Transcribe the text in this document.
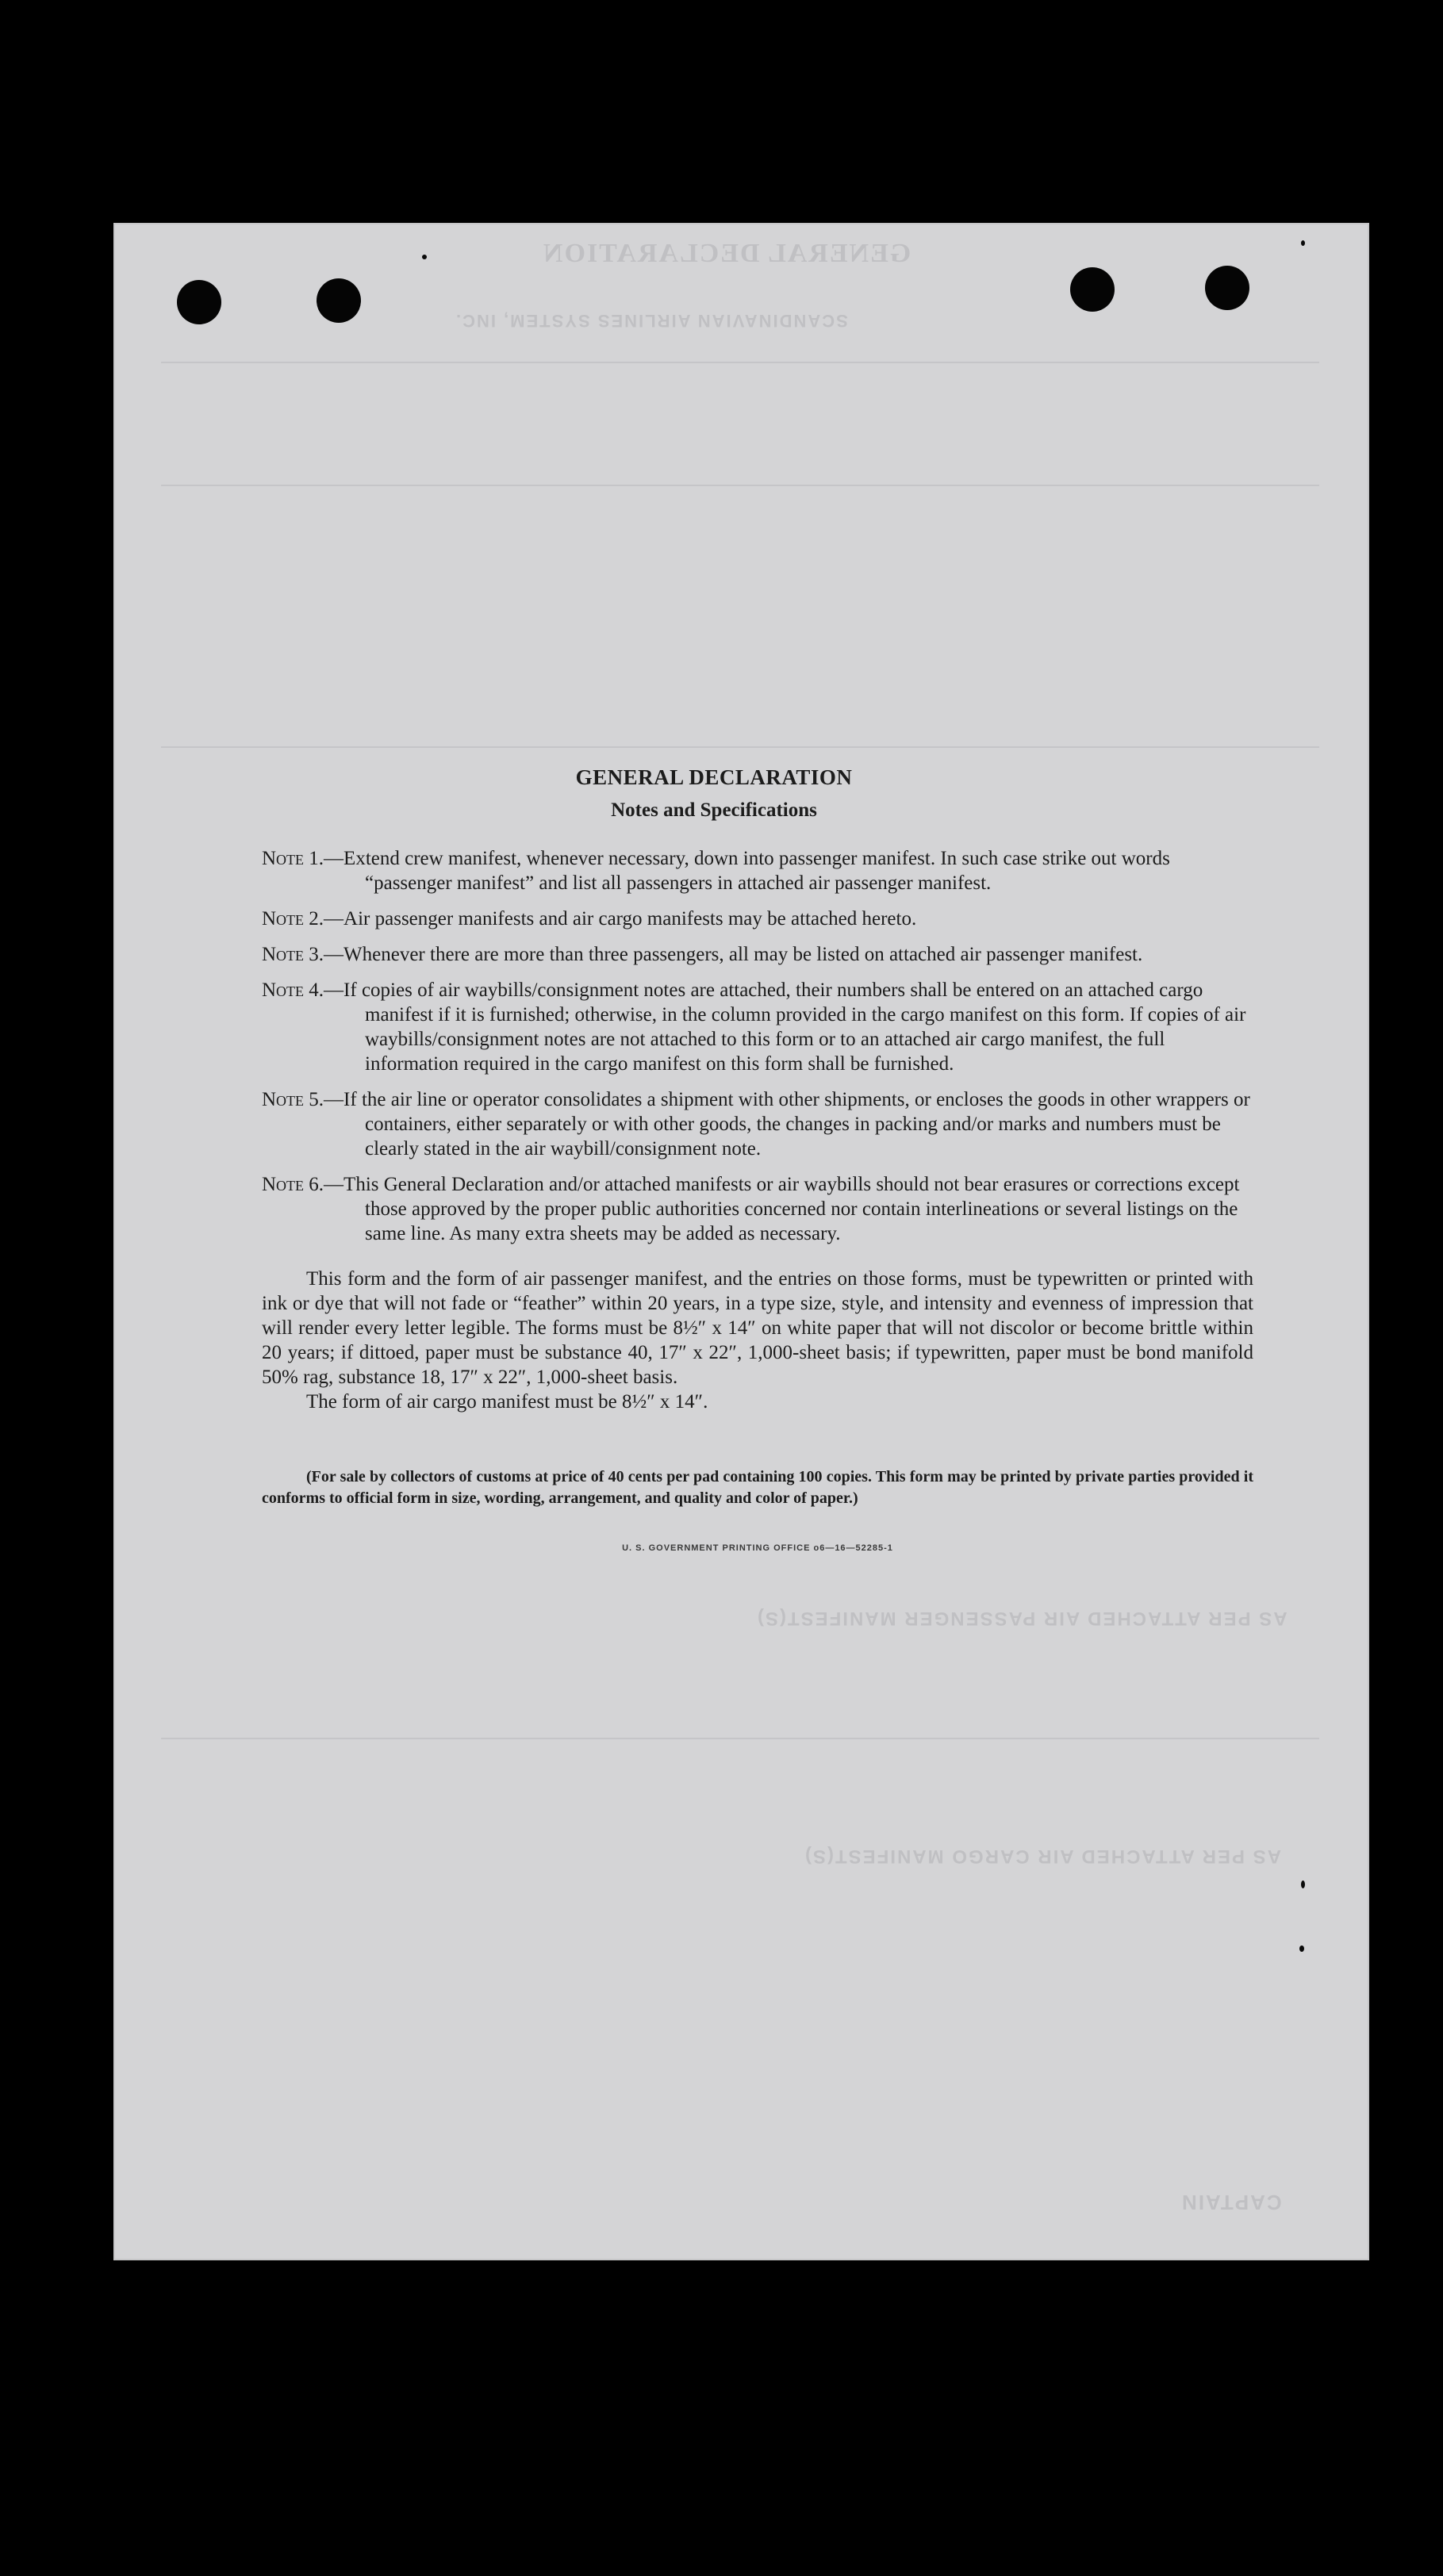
GENERAL DECLARATION
SCANDINAVIAN AIRLINES SYSTEM, INC.
AS PER ATTACHED AIR PASSENGER MANIFEST(S)
AS PER ATTACHED AIR CARGO MANIFEST(S)
CAPTAIN
GENERAL DECLARATION
Notes and Specifications

Note 1.—Extend crew manifest, whenever necessary, down into passenger manifest. In such case strike out words “passenger manifest” and list all passengers in attached air passenger manifest.

Note 2.—Air passenger manifests and air cargo manifests may be attached hereto.

Note 3.—Whenever there are more than three passengers, all may be listed on attached air passenger manifest.

Note 4.—If copies of air waybills/consignment notes are attached, their numbers shall be entered on an attached cargo manifest if it is furnished; otherwise, in the column provided in the cargo manifest on this form. If copies of air waybills/consignment notes are not attached to this form or to an attached air cargo manifest, the full information required in the cargo manifest on this form shall be furnished.

Note 5.—If the air line or operator consolidates a shipment with other shipments, or encloses the goods in other wrappers or containers, either separately or with other goods, the changes in packing and/or marks and numbers must be clearly stated in the air waybill/consignment note.

Note 6.—This General Declaration and/or attached manifests or air waybills should not bear erasures or corrections except those approved by the proper public authorities concerned nor contain interlineations or several listings on the same line. As many extra sheets may be added as necessary.

This form and the form of air passenger manifest, and the entries on those forms, must be typewritten or printed with ink or dye that will not fade or “feather” within 20 years, in a type size, style, and intensity and evenness of impression that will render every letter legible. The forms must be 8½″ x 14″ on white paper that will not discolor or become brittle within 20 years; if dittoed, paper must be substance 40, 17″ x 22″, 1,000-sheet basis; if typewritten, paper must be bond manifold 50% rag, substance 18, 17″ x 22″, 1,000-sheet basis.

The form of air cargo manifest must be 8½″ x 14″.

(For sale by collectors of customs at price of 40 cents per pad containing 100 copies. This form may be printed by private parties provided it conforms to official form in size, wording, arrangement, and quality and color of paper.)

U. S. GOVERNMENT PRINTING OFFICE o6—16—52285-1
